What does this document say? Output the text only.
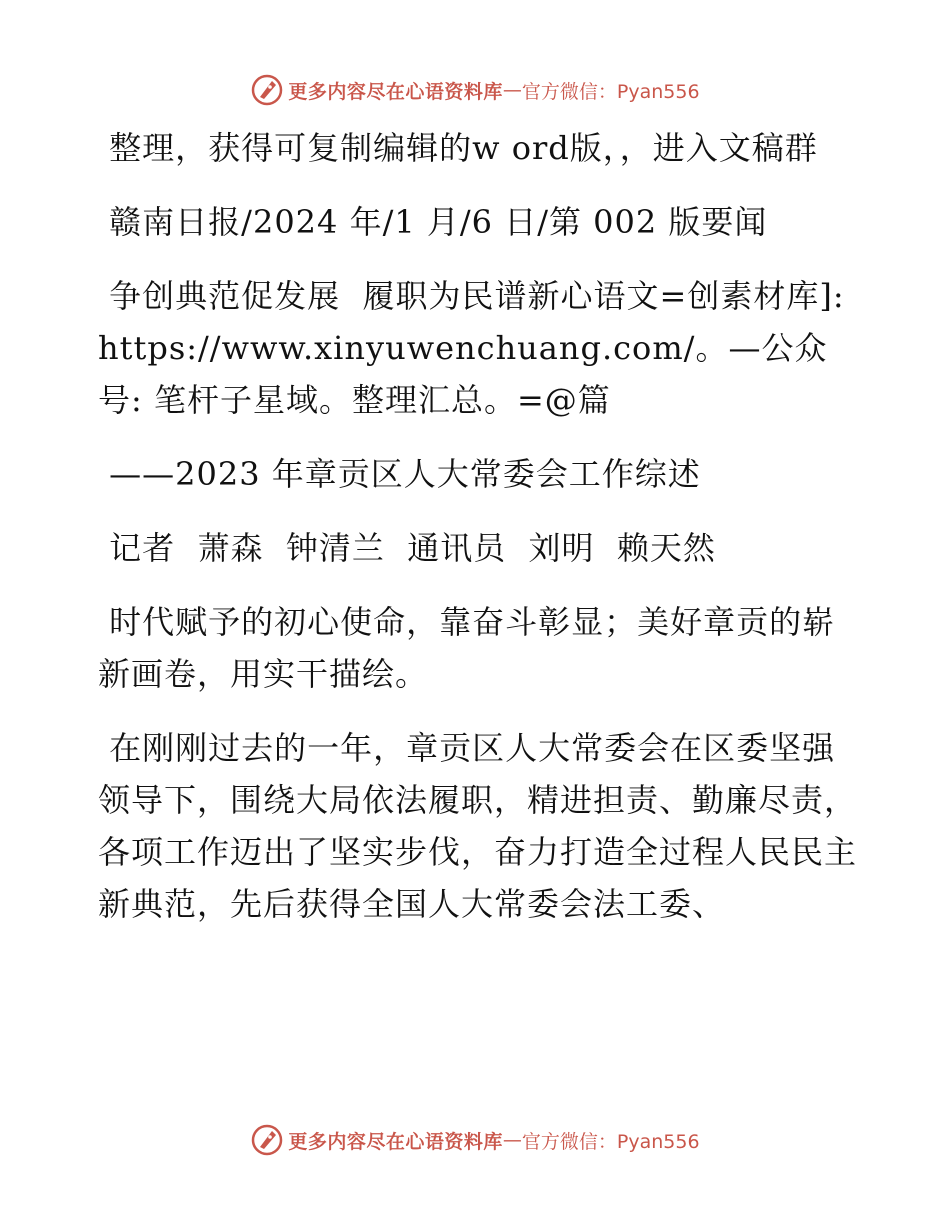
更多内容尽在心语资料库 — 官方微信：Pyan556

整理，获得可复制编辑的w ord版，，进入文稿群

赣南日报/2024 年/1 月/6 日/第 002 版要闻

争创典范促发展  履职为民谱新心语文=创素材库]: https://www.xinyuwenchuang.com/。—公众号: 笔杆子星域。整理汇总。=@篇

——2023 年章贡区人大常委会工作综述

记者  萧森  钟清兰  通讯员  刘明  赖天然

时代赋予的初心使命，靠奋斗彰显；美好章贡的崭新画卷，用实干描绘。

在刚刚过去的一年，章贡区人大常委会在区委坚强领导下，围绕大局依法履职，精进担责、勤廉尽责，各项工作迈出了坚实步伐，奋力打造全过程人民民主新典范，先后获得全国人大常委会法工委、

更多内容尽在心语资料库 — 官方微信：Pyan556
